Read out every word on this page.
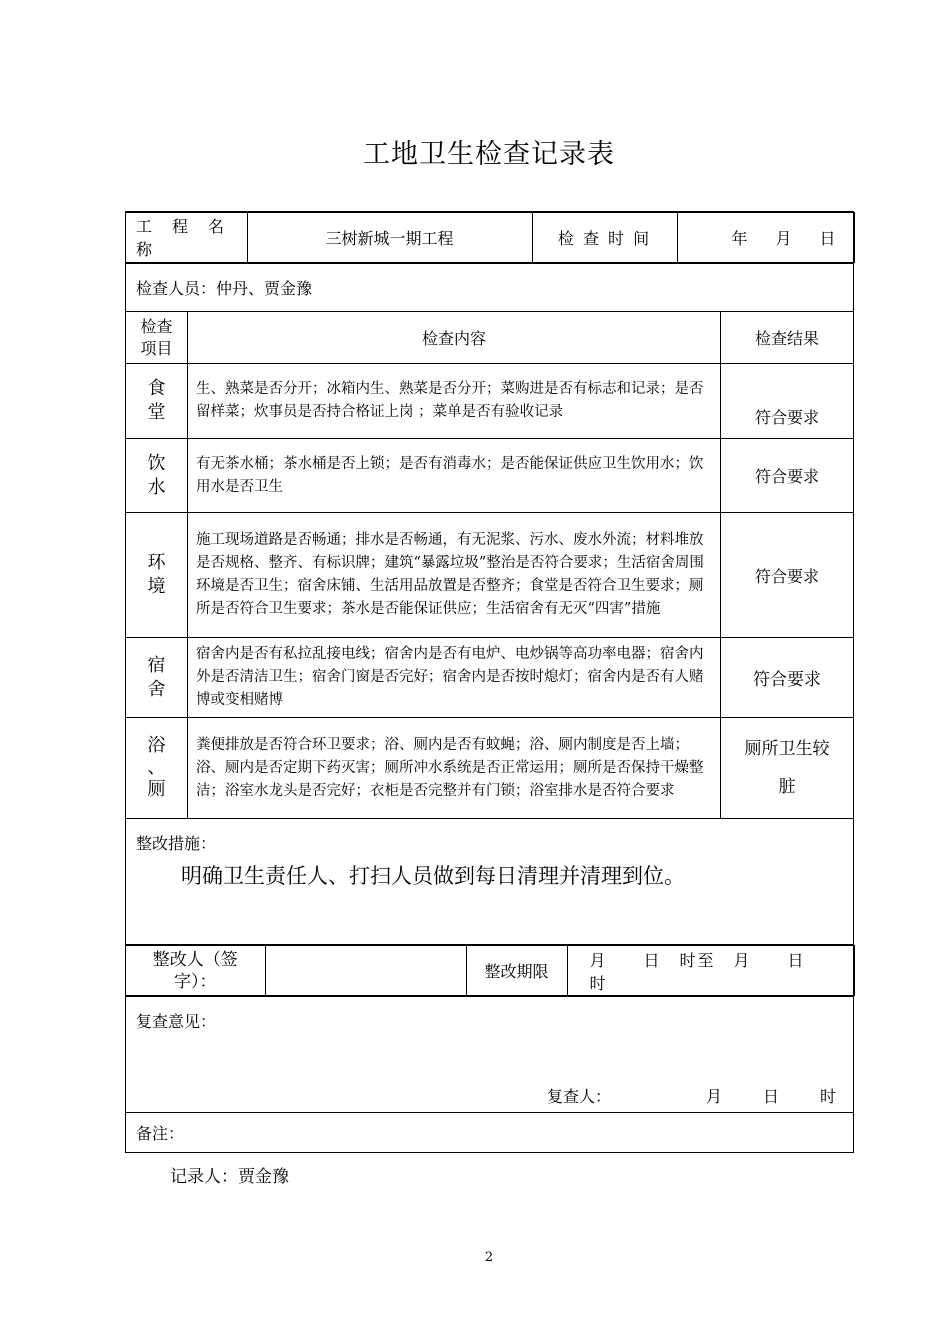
工地卫生检查记录表
工　程　名
称
	三树新城一期工程	检 查 时 间	年　月　日

检查人员：仲丹、贾金豫

检查
项目	检查内容	检查结果

食
堂
	生、熟菜是否分开；冰箱内生、熟菜是否分开；菜购进是否有标志和记录；是否留样菜；炊事员是否持合格证上岗 ；菜单是否有验收记录	符合要求

饮
水
	有无茶水桶；茶水桶是否上锁；是否有消毒水；是否能保证供应卫生饮用水；饮用水是否卫生	符合要求

环
境
	施工现场道路是否畅通；排水是否畅通，有无泥浆、污水、废水外流；材料堆放是否规格、整齐、有标识牌；建筑“暴露垃圾”整治是否符合要求；生活宿舍周围环境是否卫生；宿舍床铺、生活用品放置是否整齐；食堂是否符合卫生要求；厕所是否符合卫生要求；茶水是否能保证供应；生活宿舍有无灭“四害”措施	符合要求

宿
舍
	宿舍内是否有私拉乱接电线；宿舍内是否有电炉、电炒锅等高功率电器；宿舍内外是否清洁卫生；宿舍门窗是否完好；宿舍内是否按时熄灯；宿舍内是否有人赌博或变相赌博	符合要求

浴
、
厕
	粪便排放是否符合环卫要求；浴、厕内是否有蚊蝇；浴、厕内制度是否上墙；浴、厕内是否定期下药灭害；厕所冲水系统是否正常运用；厕所是否保持干燥整洁；浴室水龙头是否完好；衣柜是否完整并有门锁；浴室排水是否符合要求	
厕所卫生较
脏

整改措施：
明确卫生责任人、打扫人员做到每日清理并清理到位。

整改人（签
字）：		整改期限	月　　日　时至　月　　日　　时

复查意见：
复查人：	月　　日　　时

备注：
记录人：贾金豫
2
